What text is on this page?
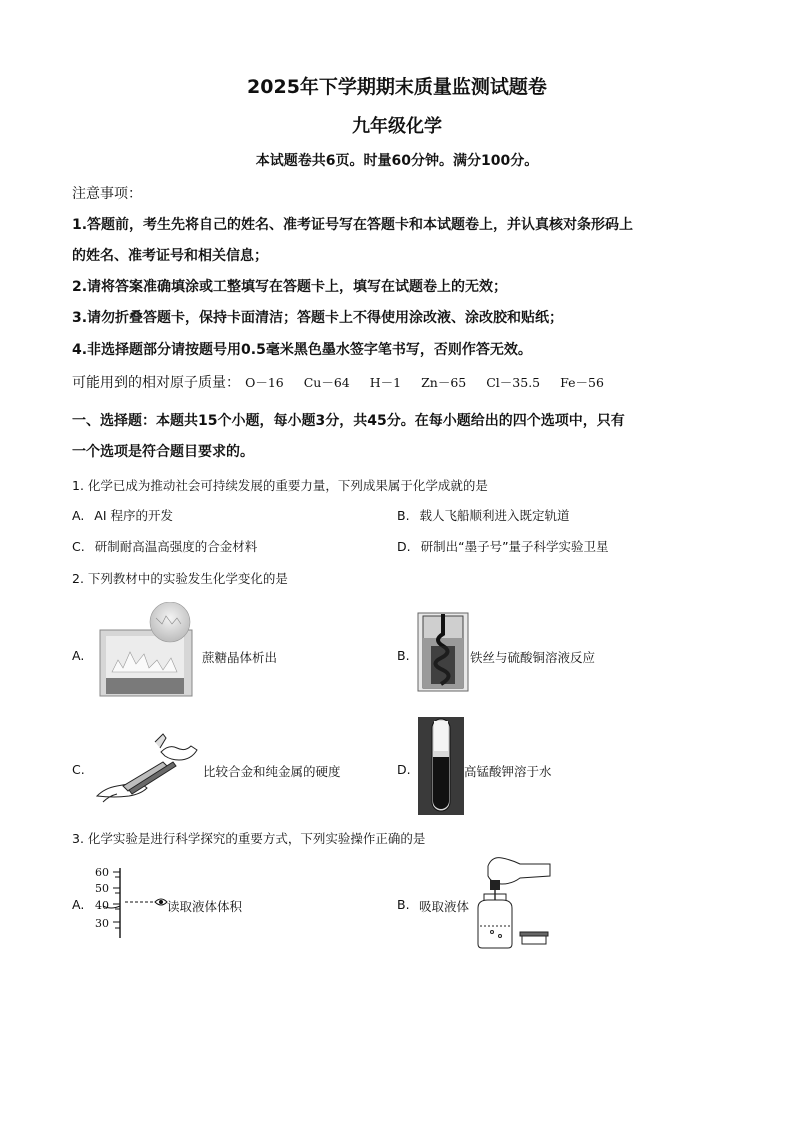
2025年下学期期末质量监测试题卷
九年级化学
本试题卷共6页。时量60分钟。满分100分。
注意事项：
1.答题前，考生先将自己的姓名、准考证号写在答题卡和本试题卷上，并认真核对条形码上
的姓名、准考证号和相关信息；
2.请将答案准确填涂或工整填写在答题卡上，填写在试题卷上的无效；
3.请勿折叠答题卡，保持卡面清洁；答题卡上不得使用涂改液、涂改胶和贴纸；
4.非选择题部分请按题号用0.5毫米黑色墨水签字笔书写，否则作答无效。
可能用到的相对原子质量： O－16 Cu－64 H－1 Zn－65 Cl－35.5 Fe－56
一、选择题：本题共15个小题，每小题3分，共45分。在每小题给出的四个选项中，只有
一个选项是符合题目要求的。
1. 化学已成为推动社会可持续发展的重要力量，下列成果属于化学成就的是
A. AI 程序的开发	B. 载人飞船顺利进入既定轨道
C. 研制耐高温高强度的合金材料	D. 研制出“墨子号”量子科学实验卫星
2. 下列教材中的实验发生化学变化的是
A.	蔗糖晶体析出	B.	铁丝与硫酸铜溶液反应
C.	比较合金和纯金属的硬度	D.	高锰酸钾溶于水
3. 化学实验是进行科学探究的重要方式，下列实验操作正确的是
A.
60
50
40
30
读取液体体积	B. 吸取液体
